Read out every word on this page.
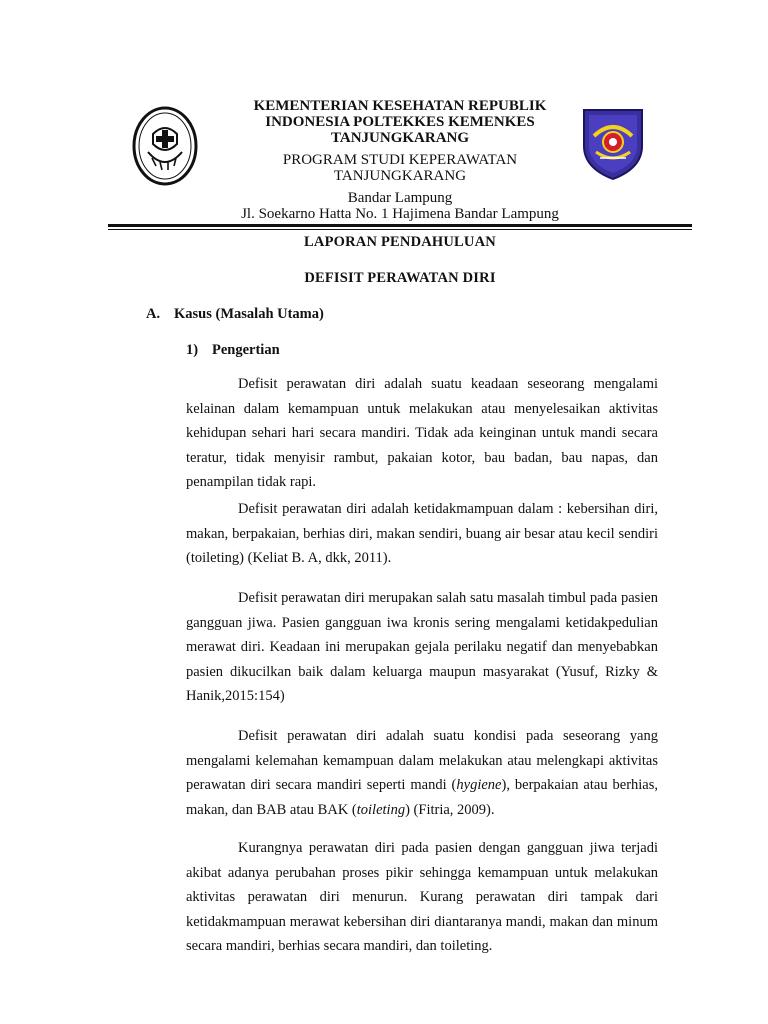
KEMENTERIAN KESEHATAN REPUBLIK
INDONESIA POLTEKKES KEMENKES
TANJUNGKARANG
PROGRAM STUDI KEPERAWATAN
TANJUNGKARANG
Bandar Lampung
Jl. Soekarno Hatta No. 1 Hajimena Bandar Lampung
LAPORAN PENDAHULUAN
DEFISIT PERAWATAN DIRI
A. Kasus (Masalah Utama)
1) Pengertian
Defisit perawatan diri adalah suatu keadaan seseorang mengalami kelainan dalam kemampuan untuk melakukan atau menyelesaikan aktivitas kehidupan sehari hari secara mandiri. Tidak ada keinginan untuk mandi secara teratur, tidak menyisir rambut, pakaian kotor, bau badan, bau napas, dan penampilan tidak rapi.
Defisit perawatan diri adalah ketidakmampuan dalam : kebersihan diri, makan, berpakaian, berhias diri, makan sendiri, buang air besar atau kecil sendiri (toileting) (Keliat B. A, dkk, 2011).
Defisit perawatan diri merupakan salah satu masalah timbul pada pasien gangguan jiwa. Pasien gangguan iwa kronis sering mengalami ketidakpedulian merawat diri. Keadaan ini merupakan gejala perilaku negatif dan menyebabkan pasien dikucilkan baik dalam keluarga maupun masyarakat (Yusuf, Rizky & Hanik,2015:154)
Defisit perawatan diri adalah suatu kondisi pada seseorang yang mengalami kelemahan kemampuan dalam melakukan atau melengkapi aktivitas perawatan diri secara mandiri seperti mandi (hygiene), berpakaian atau berhias, makan, dan BAB atau BAK (toileting) (Fitria, 2009).
Kurangnya perawatan diri pada pasien dengan gangguan jiwa terjadi akibat adanya perubahan proses pikir sehingga kemampuan untuk melakukan aktivitas perawatan diri menurun. Kurang perawatan diri tampak dari ketidakmampuan merawat kebersihan diri diantaranya mandi, makan dan minum secara mandiri, berhias secara mandiri, dan toileting.
